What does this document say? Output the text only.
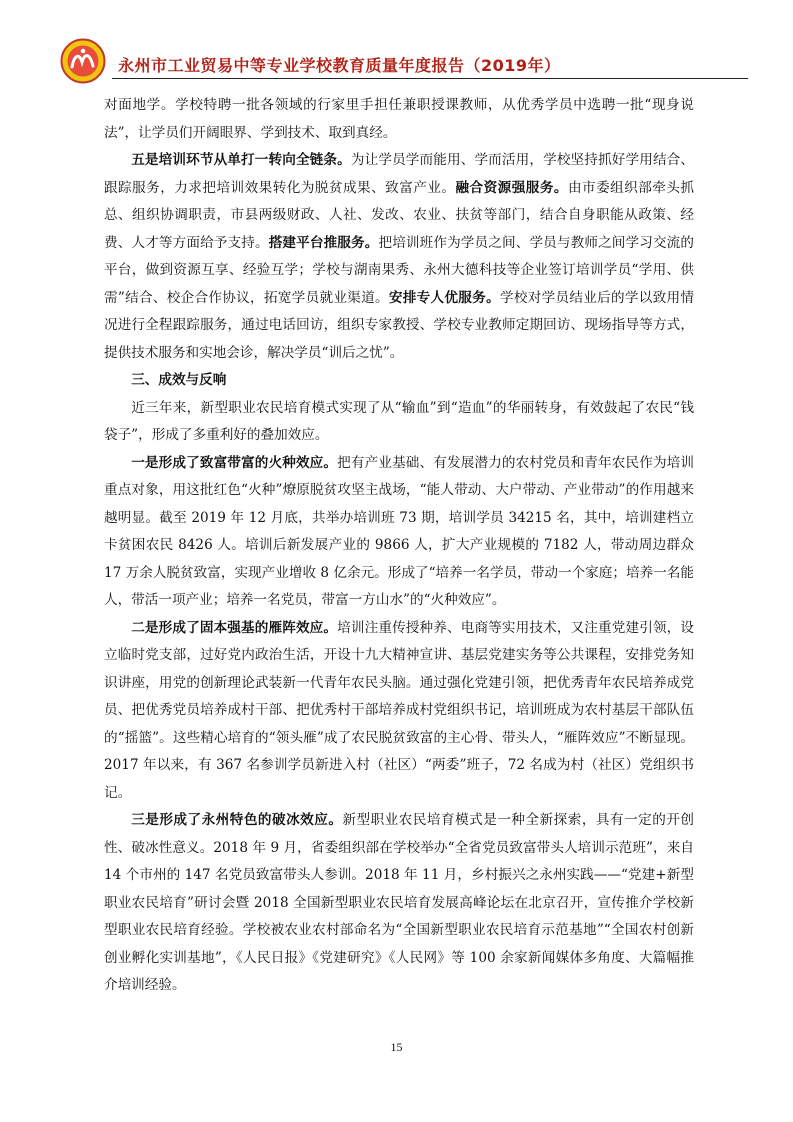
永州市工业贸易中等专业学校教育质量年度报告（2019年）

对面地学。学校特聘一批各领域的行家里手担任兼职授课教师，从优秀学员中选聘一批“现身说法”，让学员们开阔眼界、学到技术、取到真经。

五是培训环节从单打一转向全链条。为让学员学而能用、学而活用，学校坚持抓好学用结合、跟踪服务，力求把培训效果转化为脱贫成果、致富产业。融合资源强服务。由市委组织部牵头抓总、组织协调职责，市县两级财政、人社、发改、农业、扶贫等部门，结合自身职能从政策、经费、人才等方面给予支持。搭建平台推服务。把培训班作为学员之间、学员与教师之间学习交流的平台，做到资源互享、经验互学；学校与湖南果秀、永州大德科技等企业签订培训学员“学用、供需”结合、校企合作协议，拓宽学员就业渠道。安排专人优服务。学校对学员结业后的学以致用情况进行全程跟踪服务，通过电话回访，组织专家教授、学校专业教师定期回访、现场指导等方式，提供技术服务和实地会诊，解决学员“训后之忧”。

三、成效与反响

近三年来，新型职业农民培育模式实现了从“输血”到“造血”的华丽转身，有效鼓起了农民“钱袋子”，形成了多重利好的叠加效应。

一是形成了致富带富的火种效应。把有产业基础、有发展潜力的农村党员和青年农民作为培训重点对象，用这批红色“火种”燎原脱贫攻坚主战场，“能人带动、大户带动、产业带动”的作用越来越明显。截至 2019 年 12 月底，共举办培训班 73 期，培训学员 34215 名，其中，培训建档立卡贫困农民 8426 人。培训后新发展产业的 9866 人，扩大产业规模的 7182 人，带动周边群众 17 万余人脱贫致富，实现产业增收 8 亿余元。形成了“培养一名学员，带动一个家庭；培养一名能人，带活一项产业；培养一名党员，带富一方山水”的“火种效应”。

二是形成了固本强基的雁阵效应。培训注重传授种养、电商等实用技术，又注重党建引领，设立临时党支部，过好党内政治生活，开设十九大精神宣讲、基层党建实务等公共课程，安排党务知识讲座，用党的创新理论武装新一代青年农民头脑。通过强化党建引领，把优秀青年农民培养成党员、把优秀党员培养成村干部、把优秀村干部培养成村党组织书记，培训班成为农村基层干部队伍的“摇篮”。这些精心培育的“领头雁”成了农民脱贫致富的主心骨、带头人，“雁阵效应”不断显现。2017 年以来，有 367 名参训学员新进入村（社区）“两委”班子，72 名成为村（社区）党组织书记。

三是形成了永州特色的破冰效应。新型职业农民培育模式是一种全新探索，具有一定的开创性、破冰性意义。2018 年 9 月，省委组织部在学校举办“全省党员致富带头人培训示范班”，来自 14 个市州的 147 名党员致富带头人参训。2018 年 11 月，乡村振兴之永州实践——“党建+新型职业农民培育”研讨会暨 2018 全国新型职业农民培育发展高峰论坛在北京召开，宣传推介学校新型职业农民培育经验。学校被农业农村部命名为“全国新型职业农民培育示范基地”“全国农村创新创业孵化实训基地”，《人民日报》《党建研究》《人民网》等 100 余家新闻媒体多角度、大篇幅推介培训经验。

15
